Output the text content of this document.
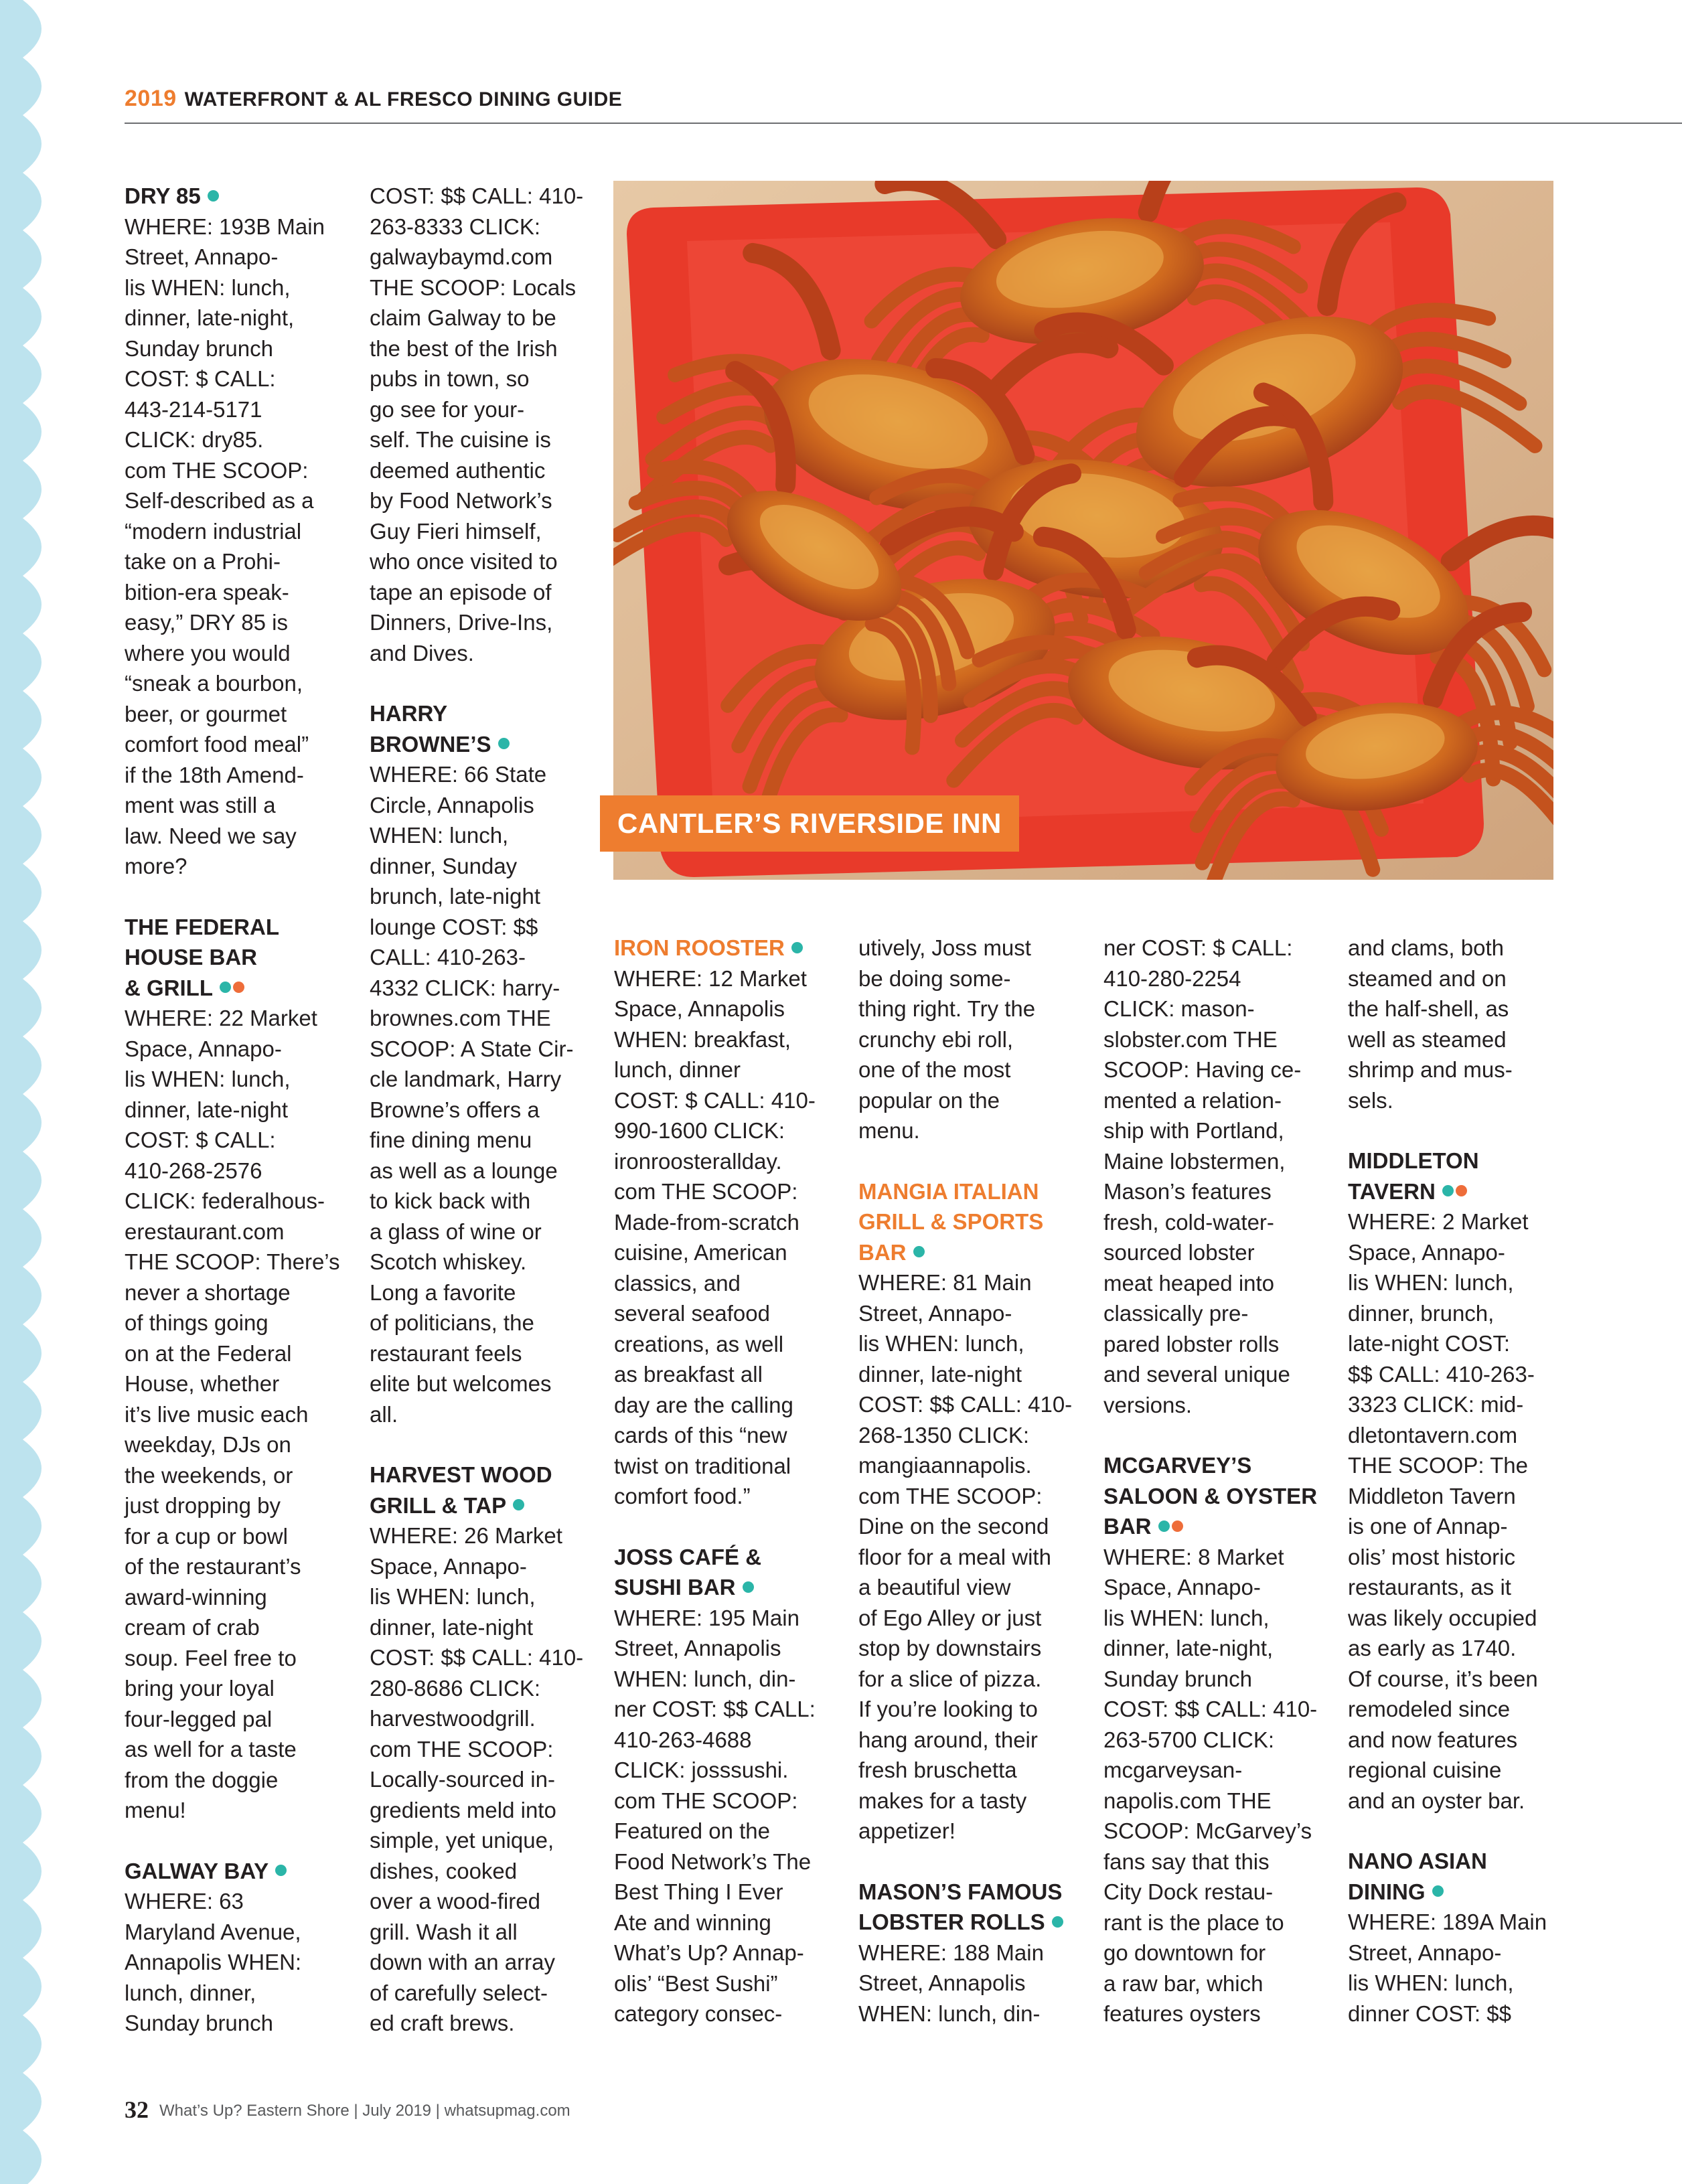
2019 WATERFRONT & AL FRESCO DINING GUIDE

DRY 85

WHERE: 193B Main

Street, Annapo-

lis WHEN: lunch,

dinner, late-night,

Sunday brunch

COST: $ CALL:

443-214-5171

CLICK: dry85.

com THE SCOOP:

Self-described as a

“modern industrial

take on a Prohi-

bition-era speak-

easy,” DRY 85 is

where you would

“sneak a bourbon,

beer, or gourmet

comfort food meal”

if the 18th Amend-

ment was still a

law. Need we say

more?

THE FEDERAL
HOUSE BAR
& GRILL

WHERE: 22 Market

Space, Annapo-

lis WHEN: lunch,

dinner, late-night

COST: $ CALL:

410-268-2576

CLICK: federalhous-

erestaurant.com

THE SCOOP: There’s

never a shortage

of things going

on at the Federal

House, whether

it’s live music each

weekday, DJs on

the weekends, or

just dropping by

for a cup or bowl

of the restaurant’s

award-winning

cream of crab

soup. Feel free to

bring your loyal

four-legged pal

as well for a taste

from the doggie

menu!

GALWAY BAY

WHERE: 63

Maryland Avenue,

Annapolis WHEN:

lunch, dinner,

Sunday brunch

COST: $$ CALL: 410-

263-8333 CLICK:

galwaybaymd.com

THE SCOOP: Locals

claim Galway to be

the best of the Irish

pubs in town, so

go see for your-

self. The cuisine is

deemed authentic

by Food Network’s

Guy Fieri himself,

who once visited to

tape an episode of

Dinners, Drive-Ins,

and Dives.

HARRY
BROWNE’S

WHERE: 66 State

Circle, Annapolis

WHEN: lunch,

dinner, Sunday

brunch, late-night

lounge COST: $$

CALL: 410-263-

4332 CLICK: harry-

brownes.com THE

SCOOP: A State Cir-

cle landmark, Harry

Browne’s offers a

fine dining menu

as well as a lounge

to kick back with

a glass of wine or

Scotch whiskey.

Long a favorite

of politicians, the

restaurant feels

elite but welcomes

all.

HARVEST WOOD
GRILL & TAP

WHERE: 26 Market

Space, Annapo-

lis WHEN: lunch,

dinner, late-night

COST: $$ CALL: 410-

280-8686 CLICK:

harvestwoodgrill.

com THE SCOOP:

Locally-sourced in-

gredients meld into

simple, yet unique,

dishes, cooked

over a wood-fired

grill. Wash it all

down with an array

of carefully select-

ed craft brews.

IRON ROOSTER

WHERE: 12 Market

Space, Annapolis

WHEN: breakfast,

lunch, dinner

COST: $ CALL: 410-

990-1600 CLICK:

ironroosterallday.

com THE SCOOP:

Made-from-scratch

cuisine, American

classics, and

several seafood

creations, as well

as breakfast all

day are the calling

cards of this “new

twist on traditional

comfort food.”

JOSS CAFÉ &
SUSHI BAR

WHERE: 195 Main

Street, Annapolis

WHEN: lunch, din-

ner COST: $$ CALL:

410-263-4688

CLICK: josssushi.

com THE SCOOP:

Featured on the

Food Network’s The

Best Thing I Ever

Ate and winning

What’s Up? Annap-

olis’ “Best Sushi”

category consec-

utively, Joss must

be doing some-

thing right. Try the

crunchy ebi roll,

one of the most

popular on the

menu.

MANGIA ITALIAN
GRILL & SPORTS
BAR

WHERE: 81 Main

Street, Annapo-

lis WHEN: lunch,

dinner, late-night

COST: $$ CALL: 410-

268-1350 CLICK:

mangiaannapolis.

com THE SCOOP:

Dine on the second

floor for a meal with

a beautiful view

of Ego Alley or just

stop by downstairs

for a slice of pizza.

If you’re looking to

hang around, their

fresh bruschetta

makes for a tasty

appetizer!

MASON’S FAMOUS
LOBSTER ROLLS

WHERE: 188 Main

Street, Annapolis

WHEN: lunch, din-

ner COST: $ CALL:

410-280-2254

CLICK: mason-

slobster.com THE

SCOOP: Having ce-

mented a relation-

ship with Portland,

Maine lobstermen,

Mason’s features

fresh, cold-water-

sourced lobster

meat heaped into

classically pre-

pared lobster rolls

and several unique

versions.

MCGARVEY’S
SALOON & OYSTER
BAR

WHERE: 8 Market

Space, Annapo-

lis WHEN: lunch,

dinner, late-night,

Sunday brunch

COST: $$ CALL: 410-

263-5700 CLICK:

mcgarveysan-

napolis.com THE

SCOOP: McGarvey’s

fans say that this

City Dock restau-

rant is the place to

go downtown for

a raw bar, which

features oysters

and clams, both

steamed and on

the half-shell, as

well as steamed

shrimp and mus-

sels.

MIDDLETON
TAVERN

WHERE: 2 Market

Space, Annapo-

lis WHEN: lunch,

dinner, brunch,

late-night COST:

$$ CALL: 410-263-

3323 CLICK: mid-

dletontavern.com

THE SCOOP: The

Middleton Tavern

is one of Annap-

olis’ most historic

restaurants, as it

was likely occupied

as early as 1740.

Of course, it’s been

remodeled since

and now features

regional cuisine

and an oyster bar.

NANO ASIAN
DINING

WHERE: 189A Main

Street, Annapo-

lis WHEN: lunch,

dinner COST: $$

CANTLER’S RIVERSIDE INN
32 What’s Up? Eastern Shore | July 2019 | whatsupmag.com
